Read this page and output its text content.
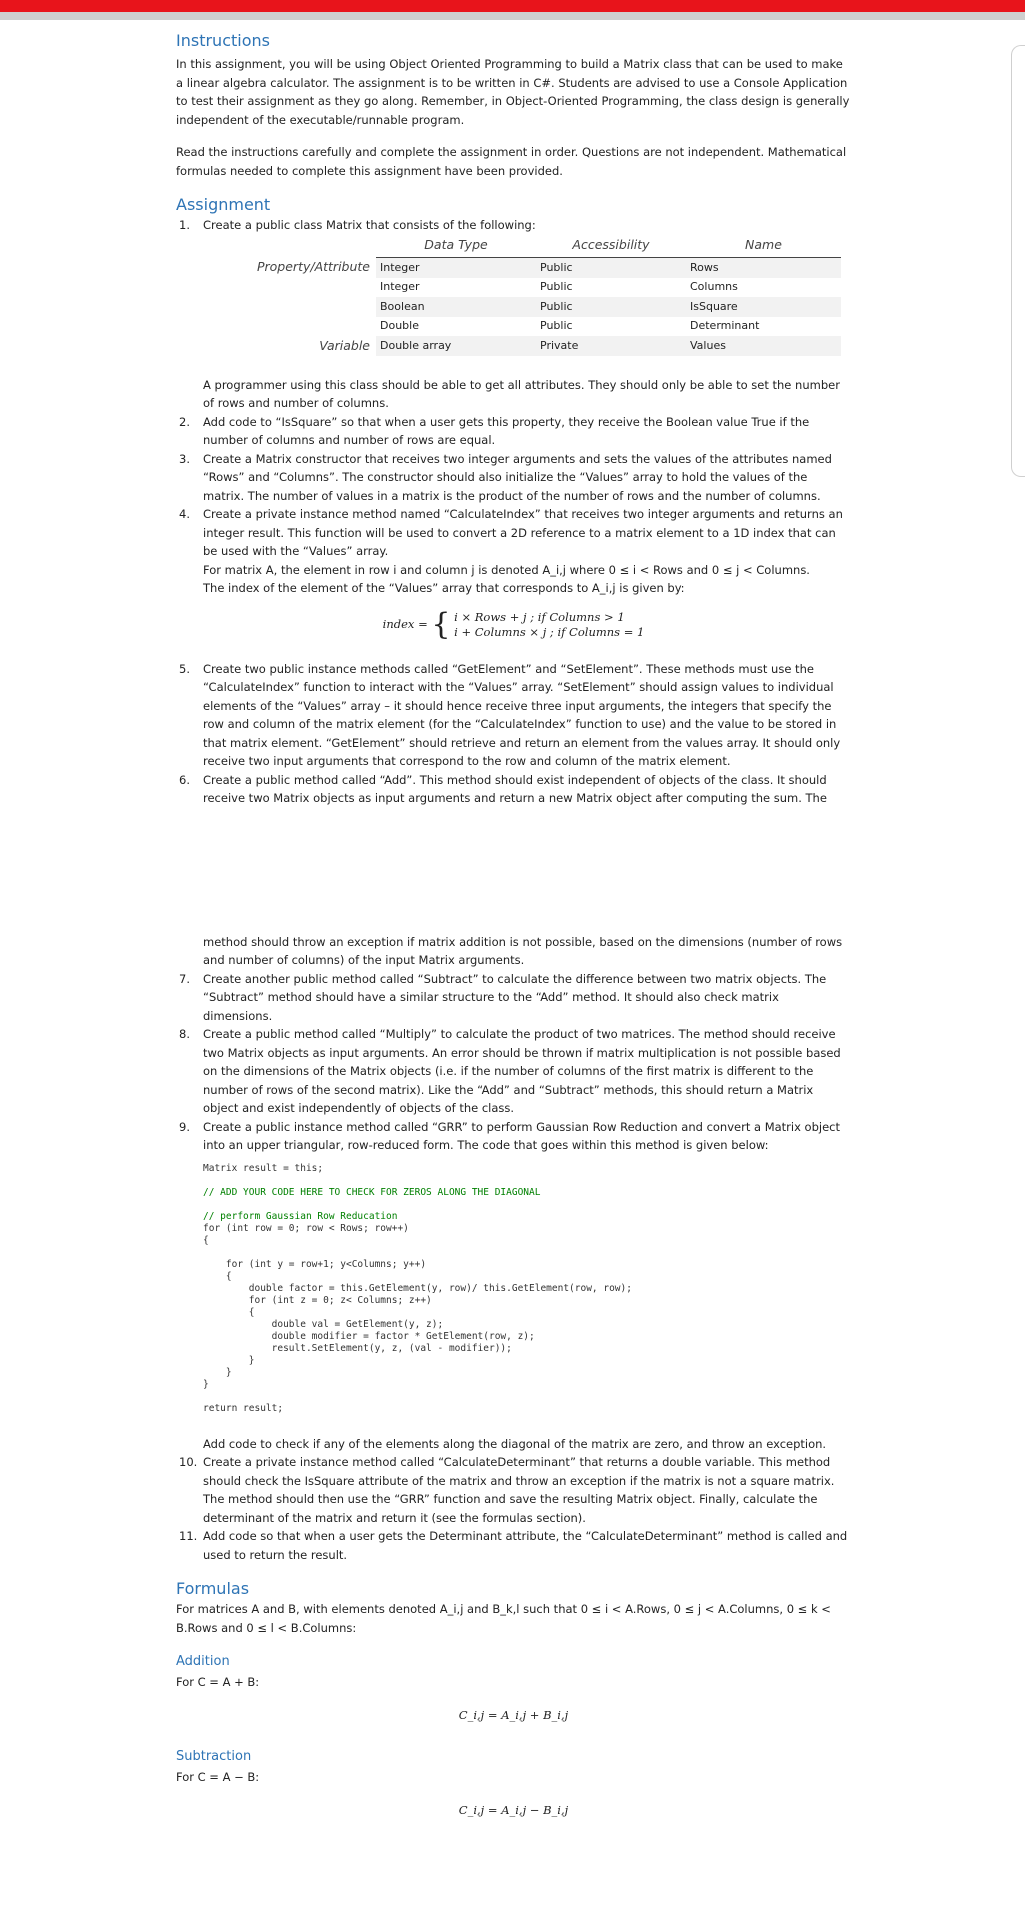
Instructions

In this assignment, you will be using Object Oriented Programming to build a Matrix class that can be used to make a linear algebra calculator. The assignment is to be written in C#. Students are advised to use a Console Application to test their assignment as they go along. Remember, in Object-Oriented Programming, the class design is generally independent of the executable/runnable program.

Read the instructions carefully and complete the assignment in order. Questions are not independent. Mathematical formulas needed to complete this assignment have been provided.

Assignment
1. Create a public class Matrix that consists of the following:
	Data Type	Accessibility	Name
Property/Attribute	Integer	Public	Rows
	Integer	Public	Columns
	Boolean	Public	IsSquare
	Double	Public	Determinant
Variable	Double array	Private	Values

A programmer using this class should be able to get all attributes. They should only be able to set the number of rows and number of columns.

2. Add code to “IsSquare” so that when a user gets this property, they receive the Boolean value True if the number of columns and number of rows are equal.
3. Create a Matrix constructor that receives two integer arguments and sets the values of the attributes named “Rows” and “Columns”. The constructor should also initialize the “Values” array to hold the values of the matrix. The number of values in a matrix is the product of the number of rows and the number of columns.
4. Create a private instance method named “CalculateIndex” that receives two integer arguments and returns an integer result. This function will be used to convert a 2D reference to a matrix element to a 1D index that can be used with the “Values” array.
For matrix A, the element in row i and column j is denoted A_i,j where 0 ≤ i < Rows and 0 ≤ j < Columns.
The index of the element of the “Values” array that corresponds to A_i,j is given by:
index = { i × Rows + j ; if Columns > 1
i + Columns × j ; if Columns = 1
5. Create two public instance methods called “GetElement” and “SetElement”. These methods must use the “CalculateIndex” function to interact with the “Values” array. “SetElement” should assign values to individual elements of the “Values” array – it should hence receive three input arguments, the integers that specify the row and column of the matrix element (for the “CalculateIndex” function to use) and the value to be stored in that matrix element. “GetElement” should retrieve and return an element from the values array. It should only receive two input arguments that correspond to the row and column of the matrix element.
6. Create a public method called “Add”. This method should exist independent of objects of the class. It should receive two Matrix objects as input arguments and return a new Matrix object after computing the sum. The

method should throw an exception if matrix addition is not possible, based on the dimensions (number of rows and number of columns) of the input Matrix arguments.

7. Create another public method called “Subtract” to calculate the difference between two matrix objects. The “Subtract” method should have a similar structure to the “Add” method. It should also check matrix dimensions.
8. Create a public method called “Multiply” to calculate the product of two matrices. The method should receive two Matrix objects as input arguments. An error should be thrown if matrix multiplication is not possible based on the dimensions of the Matrix objects (i.e. if the number of columns of the first matrix is different to the number of rows of the second matrix). Like the “Add” and “Subtract” methods, this should return a Matrix object and exist independently of objects of the class.
9. Create a public instance method called “GRR” to perform Gaussian Row Reduction and convert a Matrix object into an upper triangular, row-reduced form. The code that goes within this method is given below:
Matrix result = this;
// ADD YOUR CODE HERE TO CHECK FOR ZEROS ALONG THE DIAGONAL
// perform Gaussian Row Reducation
for (int row = 0; row < Rows; row++)
{
for (int y = row+1; y<Columns; y++)
{
double factor = this.GetElement(y, row)/ this.GetElement(row, row);
for (int z = 0; z< Columns; z++)
{
double val = GetElement(y, z);
double modifier = factor * GetElement(row, z);
result.SetElement(y, z, (val - modifier));
}
}
}
return result;

Add code to check if any of the elements along the diagonal of the matrix are zero, and throw an exception.

10. Create a private instance method called “CalculateDeterminant” that returns a double variable. This method should check the IsSquare attribute of the matrix and throw an exception if the matrix is not a square matrix. The method should then use the “GRR” function and save the resulting Matrix object. Finally, calculate the determinant of the matrix and return it (see the formulas section).
11. Add code so that when a user gets the Determinant attribute, the “CalculateDeterminant” method is called and used to return the result.
Formulas

For matrices A and B, with elements denoted A_i,j and B_k,l such that 0 ≤ i < A.Rows, 0 ≤ j < A.Columns, 0 ≤ k < B.Rows and 0 ≤ l < B.Columns:

Addition

For C = A + B:

C_i,j = A_i,j + B_i,j
Subtraction

For C = A − B:

C_i,j = A_i,j − B_i,j
